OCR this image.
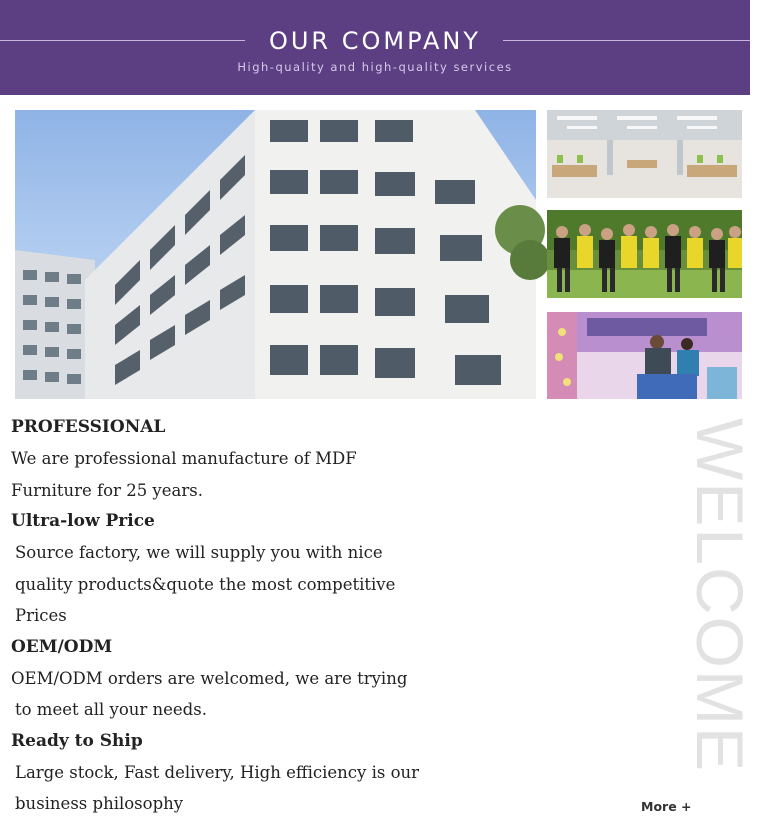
OUR COMPANY
High-quality and high-quality services
PROFESSIONAL
We are professional manufacture of MDF
Furniture for 25 years.
Ultra-low Price
Source factory, we will supply you with nice
quality products&quote the most competitive
Prices
OEM/ODM
OEM/ODM orders are welcomed, we are trying
to meet all your needs.
Ready to Ship
Large stock, Fast delivery, High efficiency is our
business philosophy
WELCOME
More +
